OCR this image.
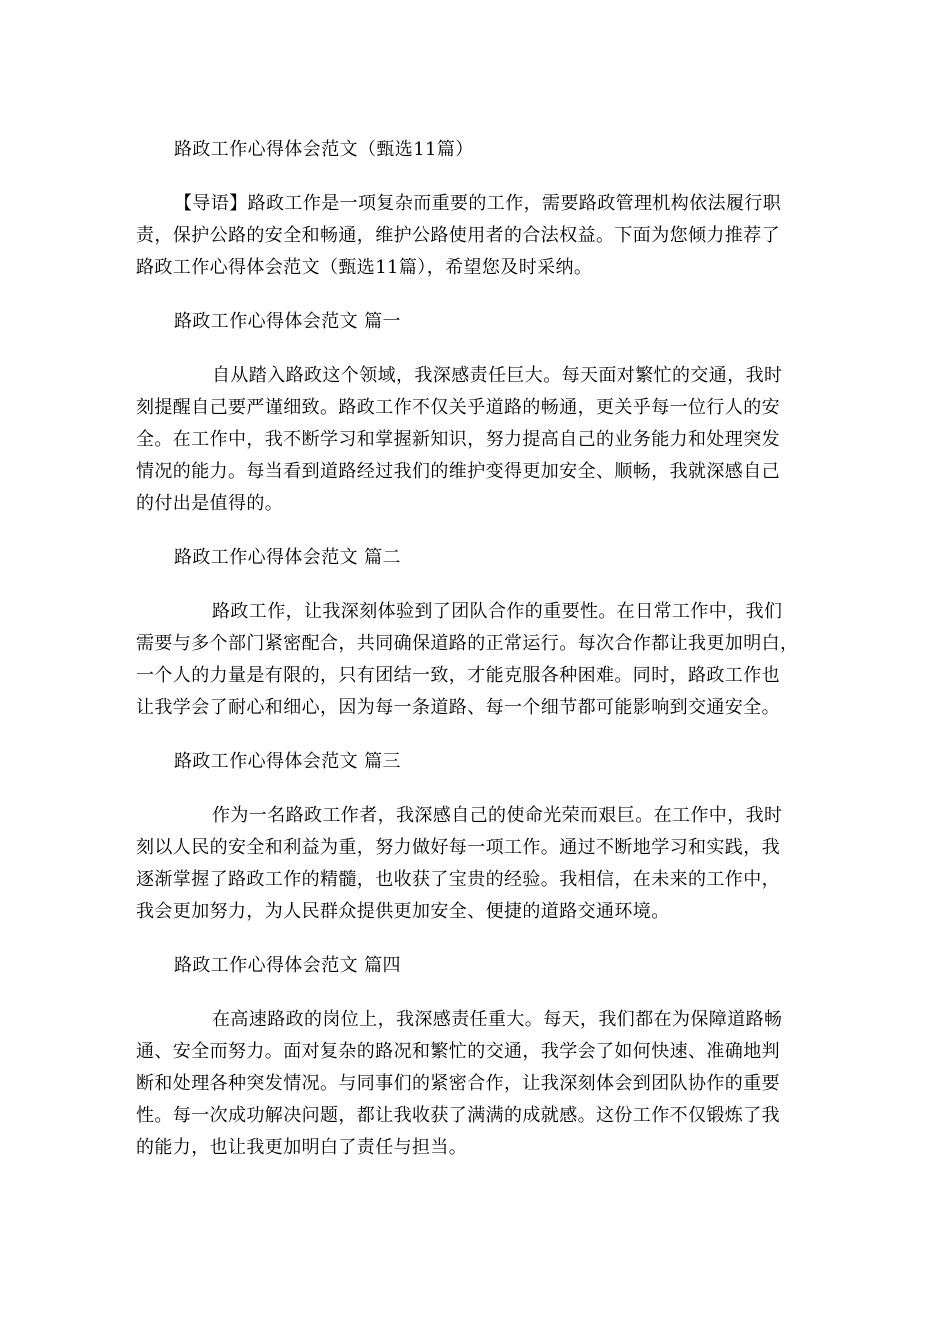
路政工作心得体会范文（甄选11篇）
【导语】路政工作是一项复杂而重要的工作，需要路政管理机构依法履行职
责，保护公路的安全和畅通，维护公路使用者的合法权益。下面为您倾力推荐了
路政工作心得体会范文（甄选11篇），希望您及时采纳。
路政工作心得体会范文 篇一
自从踏入路政这个领域，我深感责任巨大。每天面对繁忙的交通，我时
刻提醒自己要严谨细致。路政工作不仅关乎道路的畅通，更关乎每一位行人的安
全。在工作中，我不断学习和掌握新知识，努力提高自己的业务能力和处理突发
情况的能力。每当看到道路经过我们的维护变得更加安全、顺畅，我就深感自己
的付出是值得的。
路政工作心得体会范文 篇二
路政工作，让我深刻体验到了团队合作的重要性。在日常工作中，我们
需要与多个部门紧密配合，共同确保道路的正常运行。每次合作都让我更加明白，
一个人的力量是有限的，只有团结一致，才能克服各种困难。同时，路政工作也
让我学会了耐心和细心，因为每一条道路、每一个细节都可能影响到交通安全。
路政工作心得体会范文 篇三
作为一名路政工作者，我深感自己的使命光荣而艰巨。在工作中，我时
刻以人民的安全和利益为重，努力做好每一项工作。通过不断地学习和实践，我
逐渐掌握了路政工作的精髓，也收获了宝贵的经验。我相信，在未来的工作中，
我会更加努力，为人民群众提供更加安全、便捷的道路交通环境。
路政工作心得体会范文 篇四
在高速路政的岗位上，我深感责任重大。每天，我们都在为保障道路畅
通、安全而努力。面对复杂的路况和繁忙的交通，我学会了如何快速、准确地判
断和处理各种突发情况。与同事们的紧密合作，让我深刻体会到团队协作的重要
性。每一次成功解决问题，都让我收获了满满的成就感。这份工作不仅锻炼了我
的能力，也让我更加明白了责任与担当。
